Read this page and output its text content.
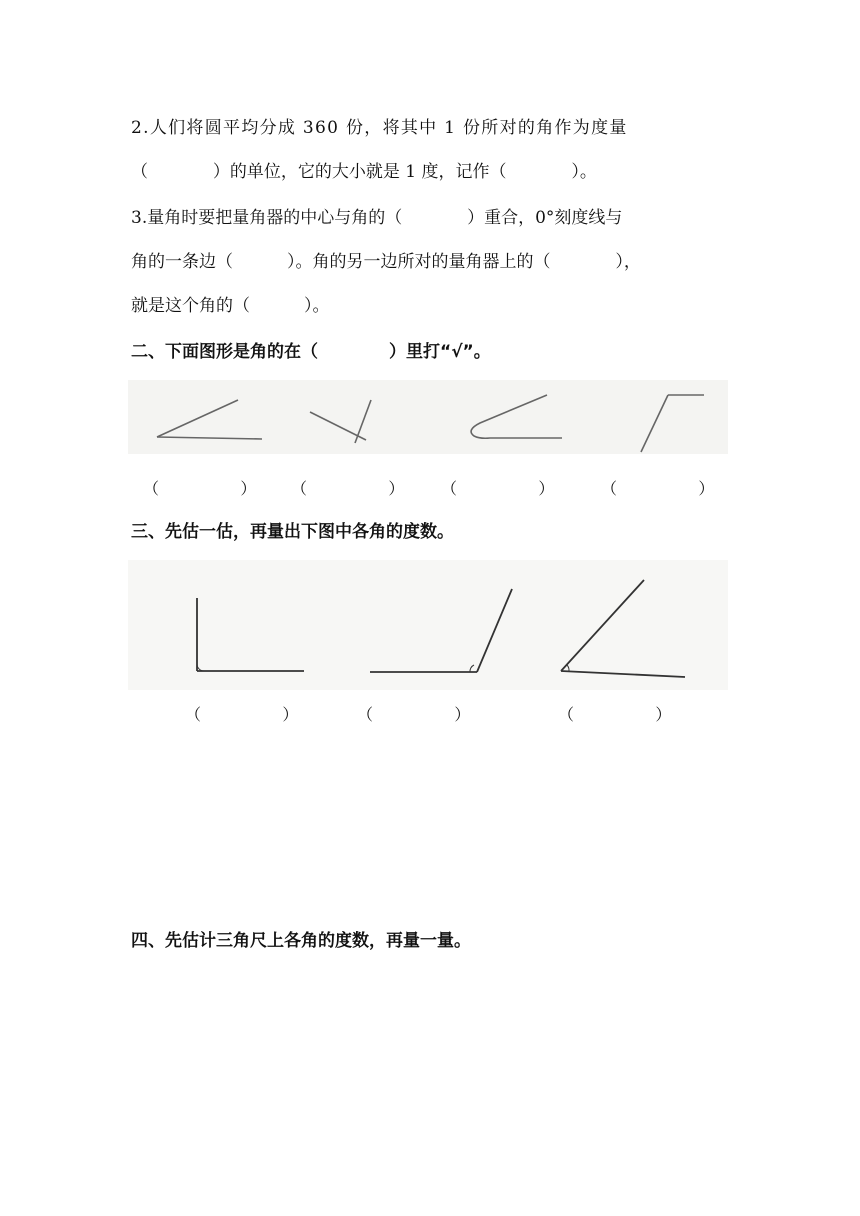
2.人们将圆平均分成 360 份，将其中 1 份所对的角作为度量
（            ）的单位，它的大小就是 1 度，记作（            ）。
3.量角时要把量角器的中心与角的（            ）重合，0°刻度线与
角的一条边（          ）。角的另一边所对的量角器上的（            ），
就是这个角的（          ）。
二、下面图形是角的在（            ）里打“√”。
（                ） （                ） （                ）	（                ）
三、先估一估，再量出下图中各角的度数。
（                ）	（                ）	（                ）
四、先估计三角尺上各角的度数，再量一量。
